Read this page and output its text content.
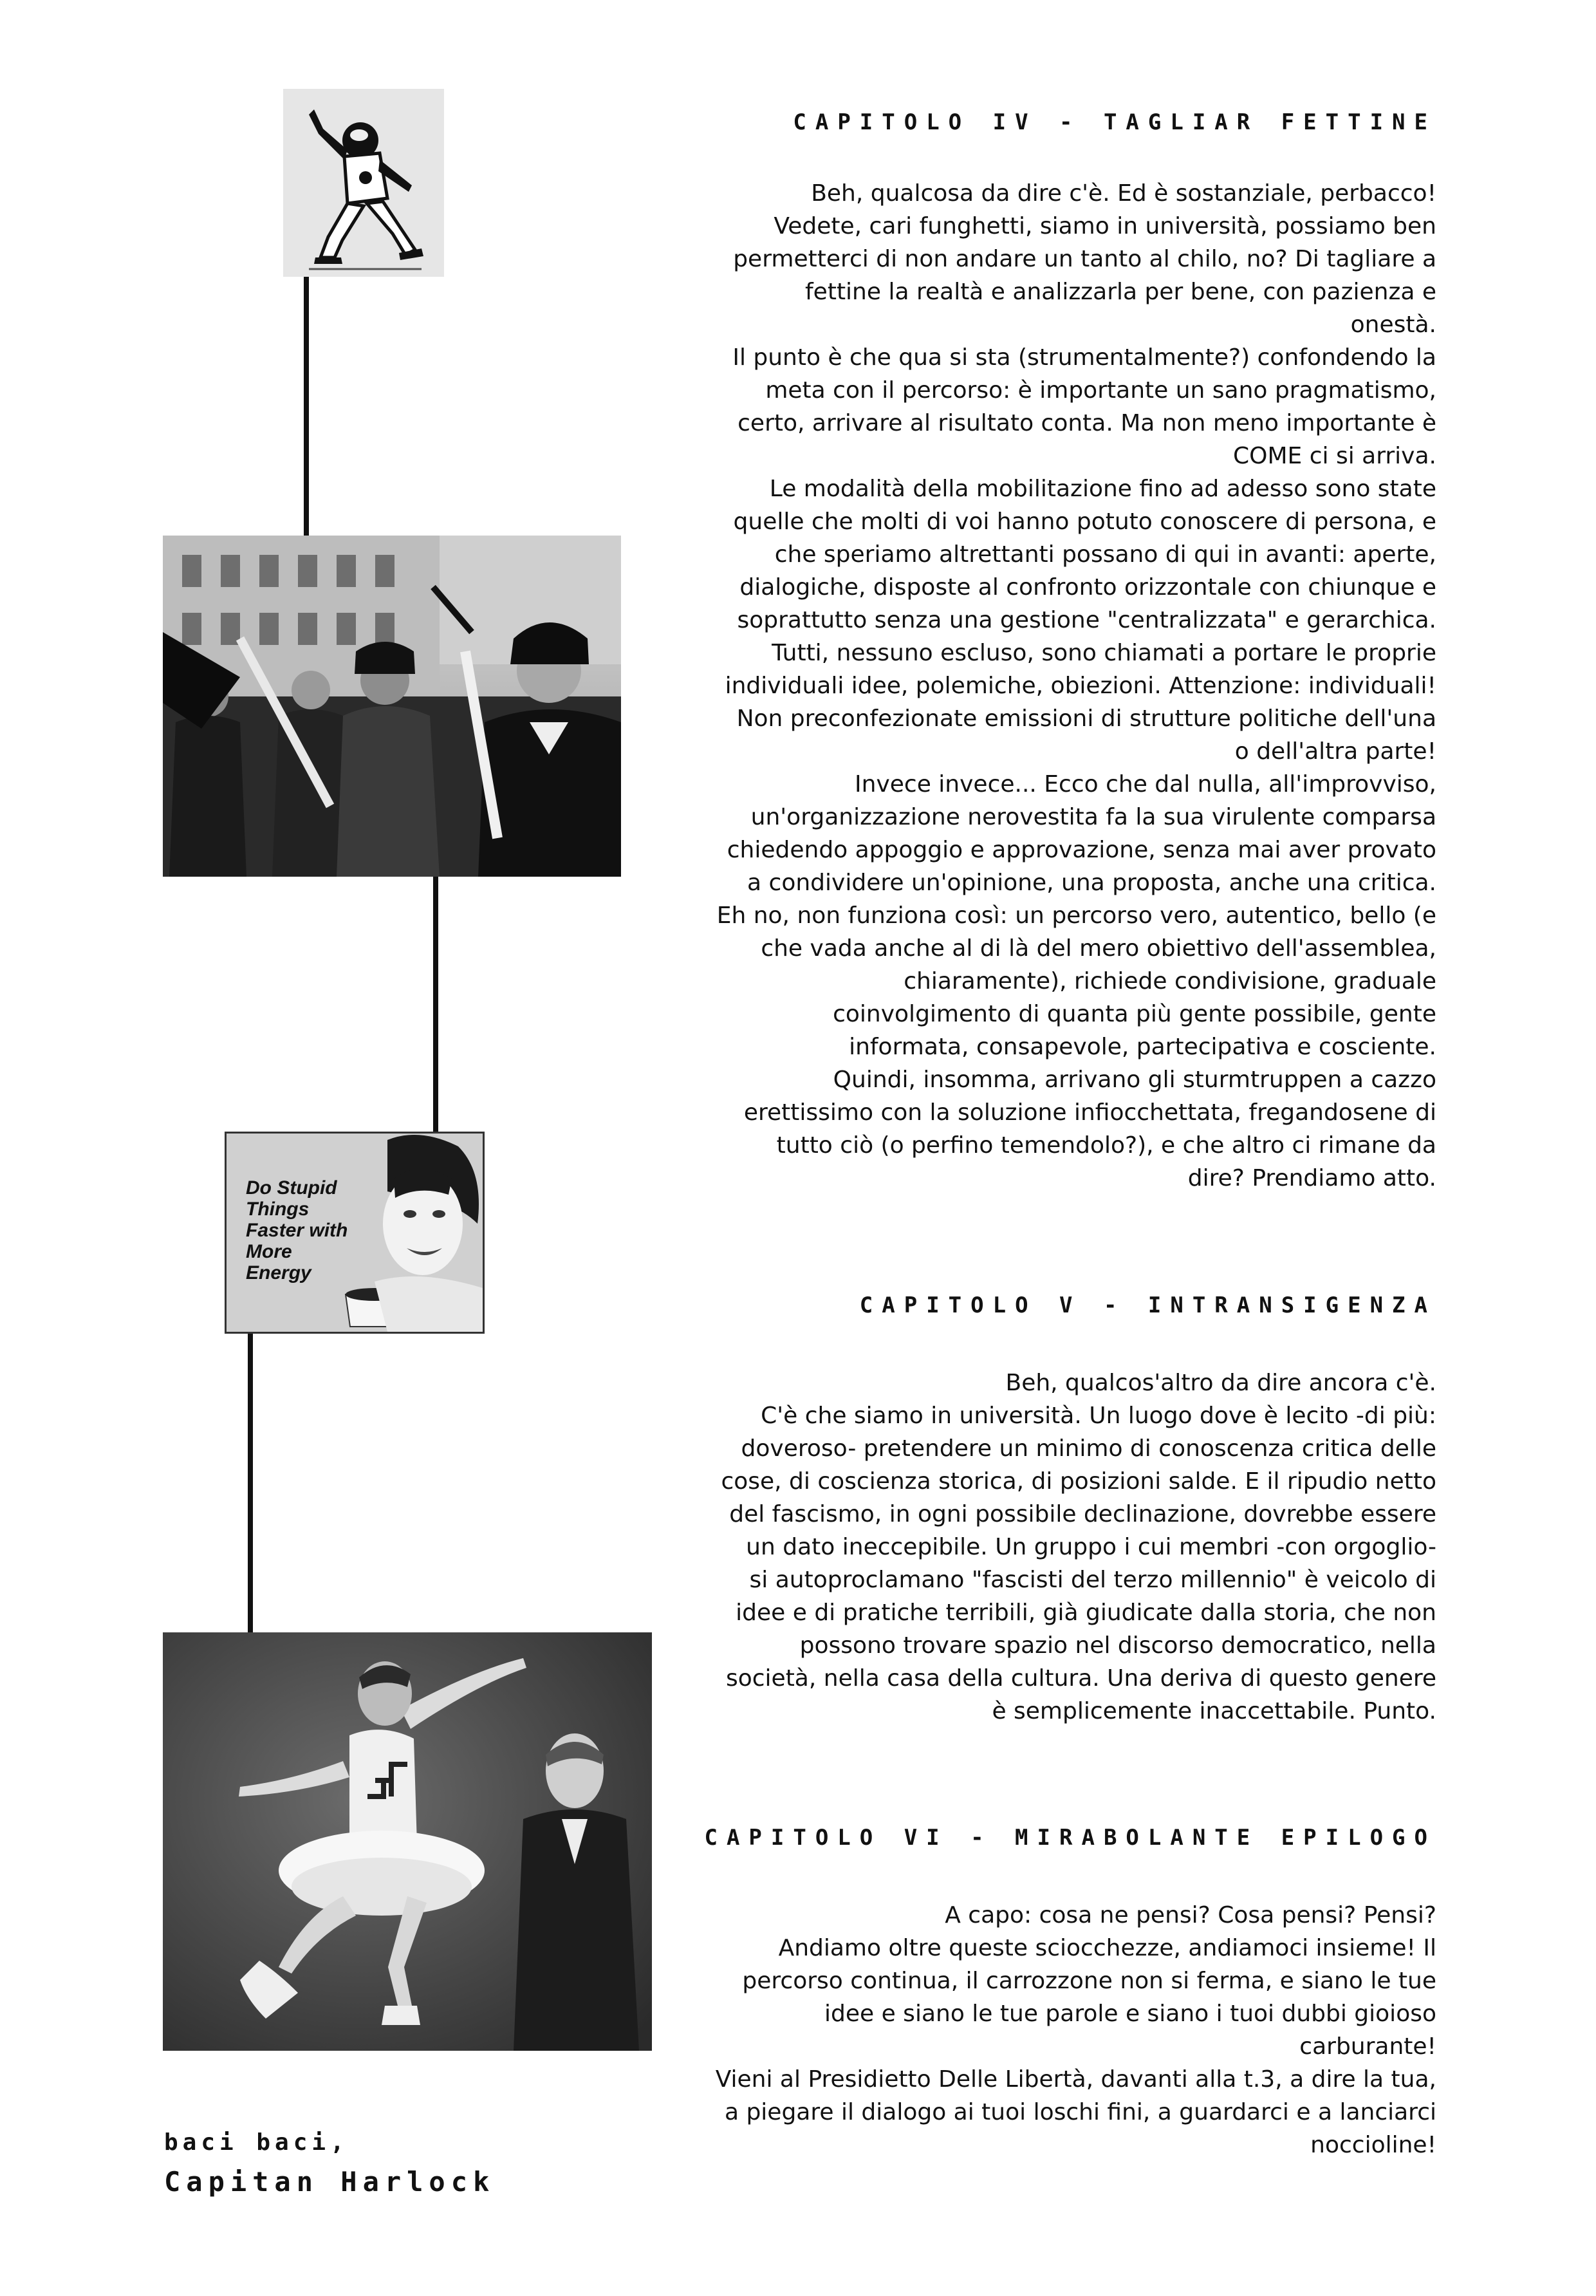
Do Stupid Things Faster with More Energy
CAPITOLO IV - TAGLIAR FETTINE
Beh, qualcosa da dire c'è. Ed è sostanziale, perbacco!
Vedete, cari funghetti, siamo in università, possiamo ben
permetterci di non andare un tanto al chilo, no? Di tagliare a
fettine la realtà e analizzarla per bene, con pazienza e
onestà.
Il punto è che qua si sta (strumentalmente?) confondendo la
meta con il percorso: è importante un sano pragmatismo,
certo, arrivare al risultato conta. Ma non meno importante è
COME ci si arriva.
Le modalità della mobilitazione fino ad adesso sono state
quelle che molti di voi hanno potuto conoscere di persona, e
che speriamo altrettanti possano di qui in avanti: aperte,
dialogiche, disposte al confronto orizzontale con chiunque e
soprattutto senza una gestione "centralizzata" e gerarchica.
Tutti, nessuno escluso, sono chiamati a portare le proprie
individuali idee, polemiche, obiezioni. Attenzione: individuali!
Non preconfezionate emissioni di strutture politiche dell'una
o dell'altra parte!
Invece invece... Ecco che dal nulla, all'improvviso,
un'organizzazione nerovestita fa la sua virulente comparsa
chiedendo appoggio e approvazione, senza mai aver provato
a condividere un'opinione, una proposta, anche una critica.
Eh no, non funziona così: un percorso vero, autentico, bello (e
che vada anche al di là del mero obiettivo dell'assemblea,
chiaramente), richiede condivisione, graduale
coinvolgimento di quanta più gente possibile, gente
informata, consapevole, partecipativa e cosciente.
Quindi, insomma, arrivano gli sturmtruppen a cazzo
erettissimo con la soluzione infiocchettata, fregandosene di
tutto ciò (o perfino temendolo?), e che altro ci rimane da
dire? Prendiamo atto.
CAPITOLO V - INTRANSIGENZA
Beh, qualcos'altro da dire ancora c'è.
C'è che siamo in università. Un luogo dove è lecito -di più:
doveroso- pretendere un minimo di conoscenza critica delle
cose, di coscienza storica, di posizioni salde. E il ripudio netto
del fascismo, in ogni possibile declinazione, dovrebbe essere
un dato ineccepibile. Un gruppo i cui membri -con orgoglio-
si autoproclamano "fascisti del terzo millennio" è veicolo di
idee e di pratiche terribili, già giudicate dalla storia, che non
possono trovare spazio nel discorso democratico, nella
società, nella casa della cultura. Una deriva di questo genere
è semplicemente inaccettabile. Punto.
CAPITOLO VI - MIRABOLANTE EPILOGO
A capo: cosa ne pensi? Cosa pensi? Pensi?
Andiamo oltre queste sciocchezze, andiamoci insieme! Il
percorso continua, il carrozzone non si ferma, e siano le tue
idee e siano le tue parole e siano i tuoi dubbi gioioso
carburante!
Vieni al Presidietto Delle Libertà, davanti alla t.3, a dire la tua,
a piegare il dialogo ai tuoi loschi fini, a guardarci e a lanciarci
noccioline!
baci baci,
Capitan Harlock
